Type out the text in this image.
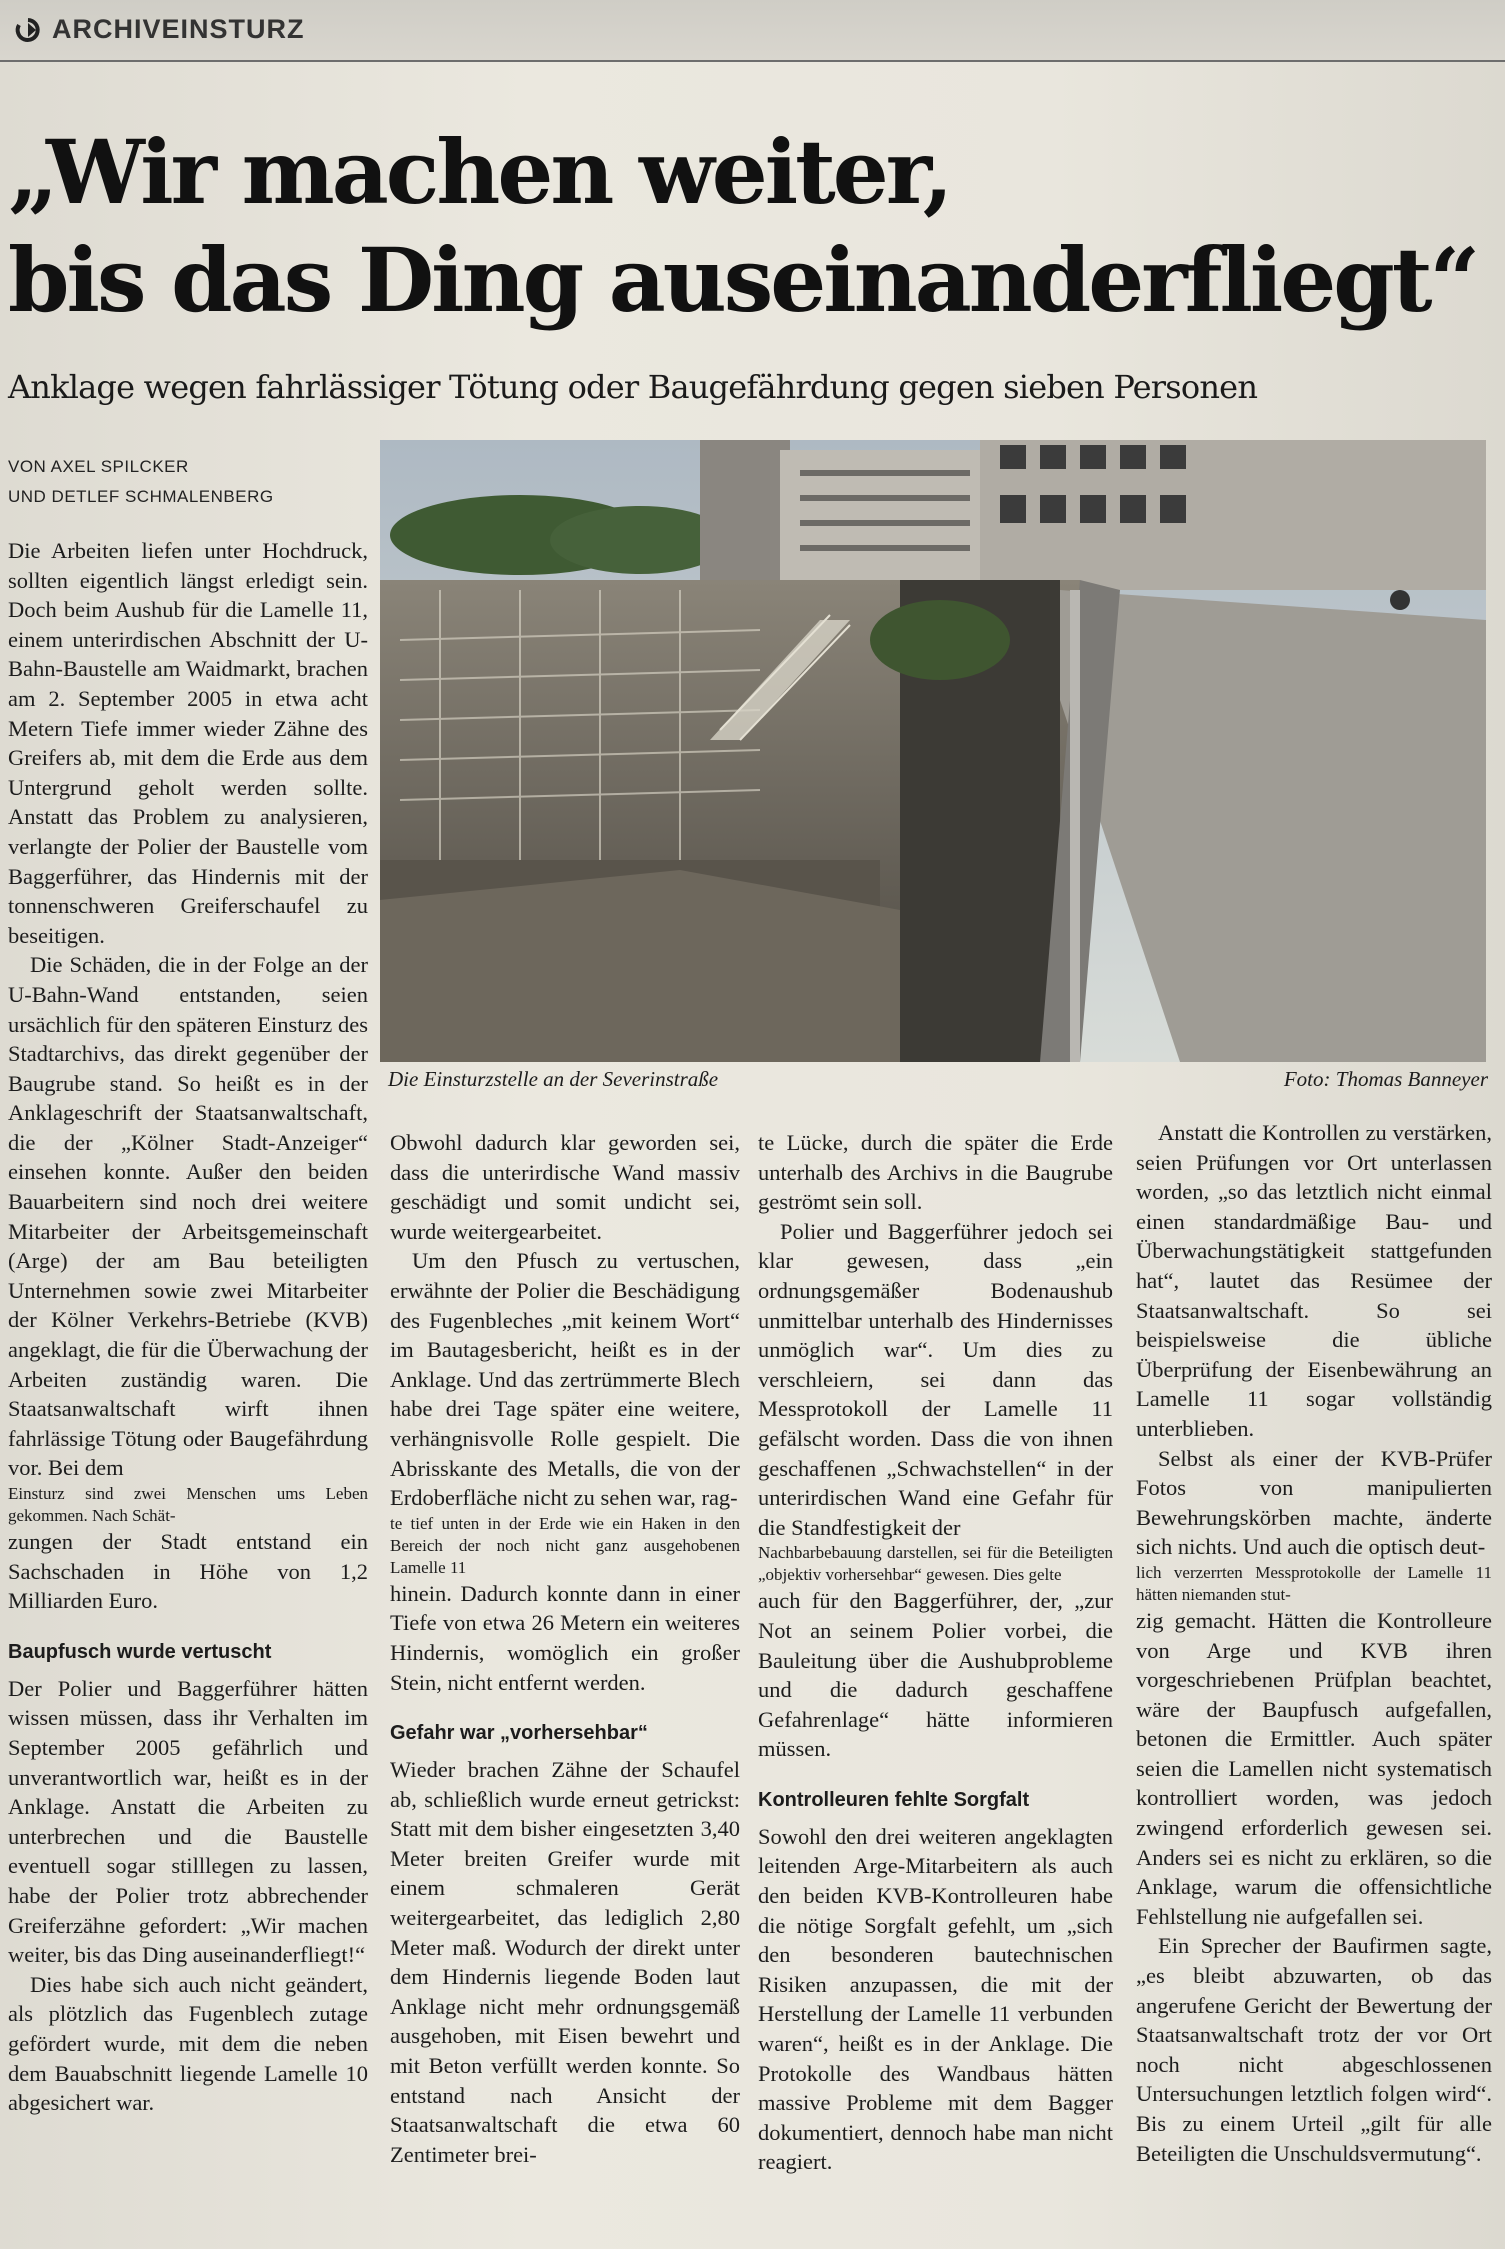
ARCHIVEINSTURZ
„Wir machen weiter,
bis das Ding auseinanderfliegt“
Anklage wegen fahrlässiger Tötung oder Baugefährdung gegen sieben Personen
VON AXEL SPILCKER
UND DETLEF SCHMALENBERG
Die Einsturzstelle an der Severinstraße	Foto: Thomas Banneyer

Die Arbeiten liefen unter Hochdruck, sollten eigentlich längst erledigt sein. Doch beim Aushub für die Lamelle 11, einem unterirdischen Abschnitt der U-Bahn-Baustelle am Waidmarkt, brachen am 2. September 2005 in etwa acht Metern Tiefe immer wieder Zähne des Greifers ab, mit dem die Erde aus dem Untergrund geholt werden sollte. Anstatt das Problem zu analysieren, verlangte der Polier der Baustelle vom Baggerführer, das Hindernis mit der tonnenschweren Greiferschaufel zu beseitigen.

Die Schäden, die in der Folge an der U-Bahn-Wand entstanden, seien ursächlich für den späteren Einsturz des Stadtarchivs, das direkt gegenüber der Baugrube stand. So heißt es in der Anklageschrift der Staatsanwaltschaft, die der „Kölner Stadt-Anzeiger“ einsehen konnte. Außer den beiden Bauarbeitern sind noch drei weitere Mitarbeiter der Arbeitsgemeinschaft (Arge) der am Bau beteiligten Unternehmen sowie zwei Mitarbeiter der Kölner Verkehrs-Betriebe (KVB) angeklagt, die für die Überwachung der Arbeiten zuständig waren. Die Staatsanwaltschaft wirft ihnen fahrlässige Tötung oder Baugefährdung vor. Bei dem

Einsturz sind zwei Menschen ums Leben gekommen. Nach Schät-

zungen der Stadt entstand ein Sachschaden in Höhe von 1,2 Milliarden Euro.

Baupfusch wurde vertuscht

Der Polier und Baggerführer hätten wissen müssen, dass ihr Verhalten im September 2005 gefährlich und unverantwortlich war, heißt es in der Anklage. Anstatt die Arbeiten zu unterbrechen und die Baustelle eventuell sogar stilllegen zu lassen, habe der Polier trotz abbrechender Greiferzähne gefordert: „Wir machen weiter, bis das Ding auseinanderfliegt!“

Dies habe sich auch nicht geändert, als plötzlich das Fugenblech zutage gefördert wurde, mit dem die neben dem Bauabschnitt liegende Lamelle 10 abgesichert war.

Obwohl dadurch klar geworden sei, dass die unterirdische Wand massiv geschädigt und somit undicht sei, wurde weitergearbeitet.

Um den Pfusch zu vertuschen, erwähnte der Polier die Beschädigung des Fugenbleches „mit keinem Wort“ im Bautagesbericht, heißt es in der Anklage. Und das zertrümmerte Blech habe drei Tage später eine weitere, verhängnisvolle Rolle gespielt. Die Abrisskante des Metalls, die von der Erdoberfläche nicht zu sehen war, rag-

te tief unten in der Erde wie ein Haken in den Bereich der noch nicht ganz ausgehobenen Lamelle 11

hinein. Dadurch konnte dann in einer Tiefe von etwa 26 Metern ein weiteres Hindernis, womöglich ein großer Stein, nicht entfernt werden.

Gefahr war „vorhersehbar“

Wieder brachen Zähne der Schaufel ab, schließlich wurde erneut getrickst: Statt mit dem bisher eingesetzten 3,40 Meter breiten Greifer wurde mit einem schmaleren Gerät weitergearbeitet, das lediglich 2,80 Meter maß. Wodurch der direkt unter dem Hindernis liegende Boden laut Anklage nicht mehr ordnungsgemäß ausgehoben, mit Eisen bewehrt und mit Beton verfüllt werden konnte. So entstand nach Ansicht der Staatsanwaltschaft die etwa 60 Zentimeter brei-

te Lücke, durch die später die Erde unterhalb des Archivs in die Baugrube geströmt sein soll.

Polier und Baggerführer jedoch sei klar gewesen, dass „ein ordnungsgemäßer Bodenaushub unmittelbar unterhalb des Hindernisses unmöglich war“. Um dies zu verschleiern, sei dann das Messprotokoll der Lamelle 11 gefälscht worden. Dass die von ihnen geschaffenen „Schwachstellen“ in der unterirdischen Wand eine Gefahr für die Standfestigkeit der

Nachbarbebauung darstellen, sei für die Beteiligten „objektiv vorhersehbar“ gewesen. Dies gelte

auch für den Baggerführer, der, „zur Not an seinem Polier vorbei, die Bauleitung über die Aushubprobleme und die dadurch geschaffene Gefahrenlage“ hätte informieren müssen.

Kontrolleuren fehlte Sorgfalt

Sowohl den drei weiteren angeklagten leitenden Arge-Mitarbeitern als auch den beiden KVB-Kontrolleuren habe die nötige Sorgfalt gefehlt, um „sich den besonderen bautechnischen Risiken anzupassen, die mit der Herstellung der Lamelle 11 verbunden waren“, heißt es in der Anklage. Die Protokolle des Wandbaus hätten massive Probleme mit dem Bagger dokumentiert, dennoch habe man nicht reagiert.

Anstatt die Kontrollen zu verstärken, seien Prüfungen vor Ort unterlassen worden, „so das letztlich nicht einmal einen standardmäßige Bau- und Überwachungstätigkeit stattgefunden hat“, lautet das Resümee der Staatsanwaltschaft. So sei beispielsweise die übliche Überprüfung der Eisenbewährung an Lamelle 11 sogar vollständig unterblieben.

Selbst als einer der KVB-Prüfer Fotos von manipulierten Bewehrungskörben machte, änderte sich nichts. Und auch die optisch deut-

lich verzerrten Messprotokolle der Lamelle 11 hätten niemanden stut-

zig gemacht. Hätten die Kontrolleure von Arge und KVB ihren vorgeschriebenen Prüfplan beachtet, wäre der Baupfusch aufgefallen, betonen die Ermittler. Auch später seien die Lamellen nicht systematisch kontrolliert worden, was jedoch zwingend erforderlich gewesen sei. Anders sei es nicht zu erklären, so die Anklage, warum die offensichtliche Fehlstellung nie aufgefallen sei.

Ein Sprecher der Baufirmen sagte, „es bleibt abzuwarten, ob das angerufene Gericht der Bewertung der Staatsanwaltschaft trotz der vor Ort noch nicht abgeschlossenen Untersuchungen letztlich folgen wird“. Bis zu einem Urteil „gilt für alle Beteiligten die Unschuldsvermutung“.
